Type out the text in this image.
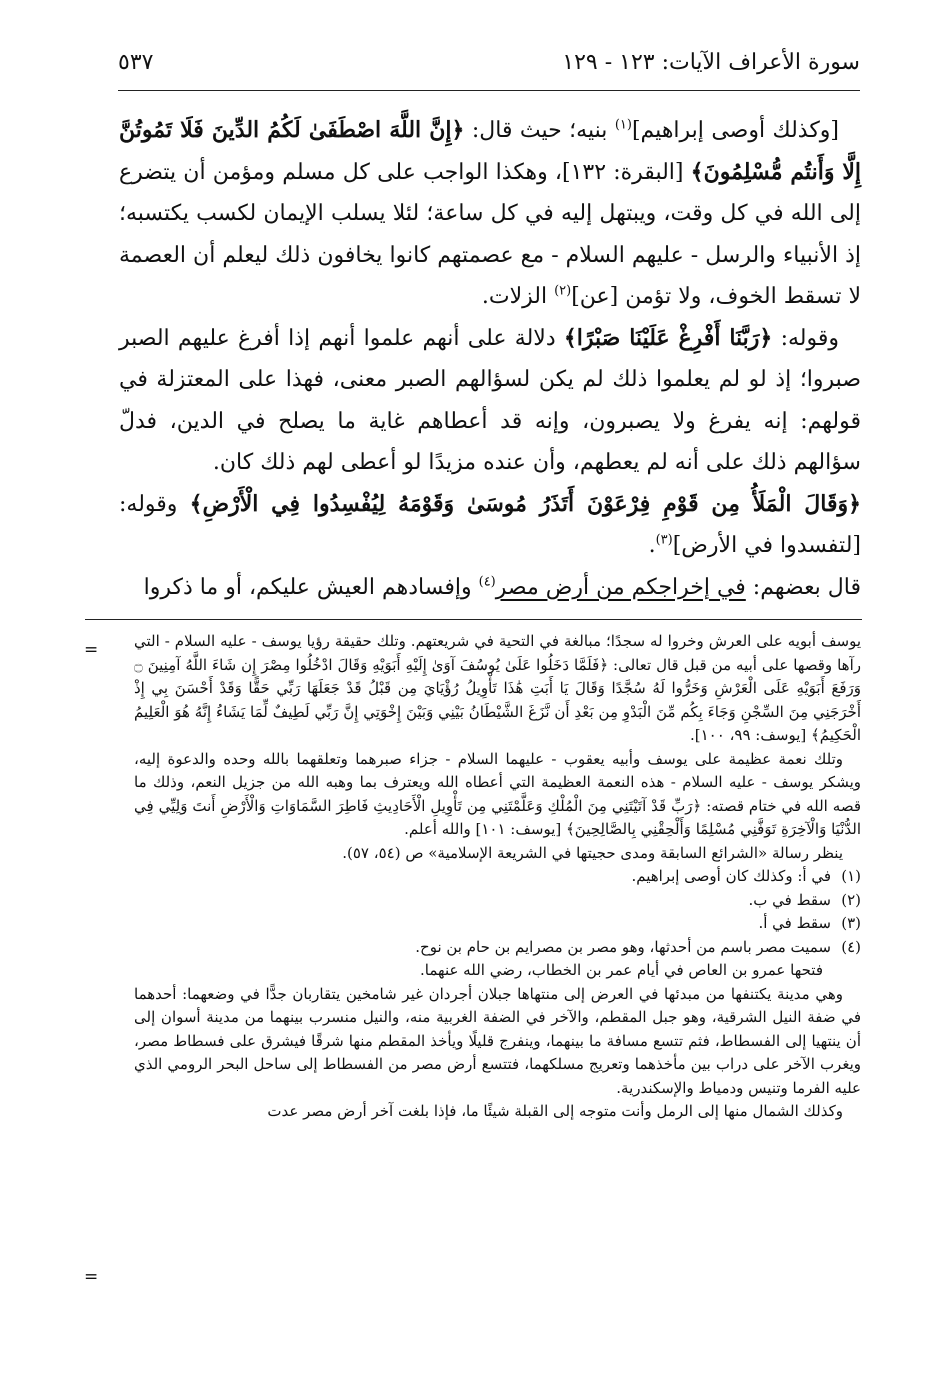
سورة الأعراف الآيات: ١٢٣ - ١٢٩
٥٣٧

[وكذلك أوصى إبراهيم]$^{(١)}$ بنيه؛ حيث قال: ﴿إِنَّ اللَّهَ اصْطَفَىٰ لَكُمُ الدِّينَ فَلَا تَمُوتُنَّ إِلَّا وَأَنتُم مُّسْلِمُونَ﴾ [البقرة: ١٣٢]، وهكذا الواجب على كل مسلم ومؤمن أن يتضرع إلى الله في كل وقت، ويبتهل إليه في كل ساعة؛ لئلا يسلب الإيمان لكسب يكتسبه؛ إذ الأنبياء والرسل - عليهم السلام - مع عصمتهم كانوا يخافون ذلك ليعلم أن العصمة لا تسقط الخوف، ولا تؤمن [عن]$^{(٢)}$ الزلات.

وقوله: ﴿رَبَّنَا أَفْرِغْ عَلَيْنَا صَبْرًا﴾ دلالة على أنهم علموا أنهم إذا أفرغ عليهم الصبر صبروا؛ إذ لو لم يعلموا ذلك لم يكن لسؤالهم الصبر معنى، فهذا على المعتزلة في قولهم: إنه يفرغ ولا يصبرون، وإنه قد أعطاهم غاية ما يصلح في الدين، فدلّ سؤالهم ذلك على أنه لم يعطهم، وأن عنده مزيدًا لو أعطى لهم ذلك كان.

﴿وَقَالَ الْمَلَأُ مِن قَوْمِ فِرْعَوْنَ أَتَذَرُ مُوسَىٰ وَقَوْمَهُ لِيُفْسِدُوا فِي الْأَرْضِ﴾ وقوله: [لتفسدوا في الأرض]$^{(٣)}$.

قال بعضهم: في إخراجكم من أرض مصر$^{(٤)}$ وإفسادهم العيش عليكم، أو ما ذكروا

= يوسف أبويه على العرش وخروا له سجدًا؛ مبالغة في التحية في شريعتهم. وتلك حقيقة رؤيا يوسف - عليه السلام - التي رآها وقصها على أبيه من قبل قال تعالى: ﴿فَلَمَّا دَخَلُوا عَلَىٰ يُوسُفَ آوَىٰ إِلَيْهِ أَبَوَيْهِ وَقَالَ ادْخُلُوا مِصْرَ إِن شَاءَ اللَّهُ آمِنِينَ ۝ وَرَفَعَ أَبَوَيْهِ عَلَى الْعَرْشِ وَخَرُّوا لَهُ سُجَّدًا وَقَالَ يَا أَبَتِ هَٰذَا تَأْوِيلُ رُؤْيَايَ مِن قَبْلُ قَدْ جَعَلَهَا رَبِّي حَقًّا وَقَدْ أَحْسَنَ بِي إِذْ أَخْرَجَنِي مِنَ السِّجْنِ وَجَاءَ بِكُم مِّنَ الْبَدْوِ مِن بَعْدِ أَن نَّزَغَ الشَّيْطَانُ بَيْنِي وَبَيْنَ إِخْوَتِي إِنَّ رَبِّي لَطِيفٌ لِّمَا يَشَاءُ إِنَّهُ هُوَ الْعَلِيمُ الْحَكِيمُ﴾ [يوسف: ٩٩، ١٠٠].

وتلك نعمة عظيمة على يوسف وأبيه يعقوب - عليهما السلام - جزاء صبرهما وتعلقهما بالله وحده والدعوة إليه، ويشكر يوسف - عليه السلام - هذه النعمة العظيمة التي أعطاه الله ويعترف بما وهبه الله من جزيل النعم، وذلك ما قصه الله في ختام قصته: ﴿رَبِّ قَدْ آتَيْتَنِي مِنَ الْمُلْكِ وَعَلَّمْتَنِي مِن تَأْوِيلِ الْأَحَادِيثِ فَاطِرَ السَّمَاوَاتِ وَالْأَرْضِ أَنتَ وَلِيِّي فِي الدُّنْيَا وَالْآخِرَةِ تَوَفَّنِي مُسْلِمًا وَأَلْحِقْنِي بِالصَّالِحِينَ﴾ [يوسف: ١٠١] والله أعلم.

ينظر رسالة «الشرائع السابقة ومدى حجيتها في الشريعة الإسلامية» ص (٥٤، ٥٧).

(١)في أ: وكذلك كان أوصى إبراهيم.

(٢)سقط في ب.

(٣)سقط في أ.

(٤)سميت مصر باسم من أحدثها، وهو مصر بن مصرايم بن حام بن نوح.

فتحها عمرو بن العاص في أيام عمر بن الخطاب، رضي الله عنهما.

وهي مدينة يكتنفها من مبدئها في العرض إلى منتهاها جبلان أجردان غير شامخين يتقاربان جدًّا في وضعهما: أحدهما في ضفة النيل الشرقية، وهو جبل المقطم، والآخر في الضفة الغربية منه، والنيل منسرب بينهما من مدينة أسوان إلى أن ينتهيا إلى الفسطاط، فثم تتسع مسافة ما بينهما، وينفرج قليلًا ويأخذ المقطم منها شرقًا فيشرق على فسطاط مصر، ويغرب الآخر على دراب بين مأخذهما وتعريج مسلكهما، فتتسع أرض مصر من الفسطاط إلى ساحل البحر الرومي الذي عليه الفرما وتنيس ودمياط والإسكندرية.

وكذلك الشمال منها إلى الرمل وأنت متوجه إلى القبلة شيئًا ما، فإذا بلغت آخر أرض مصر عدت

=
